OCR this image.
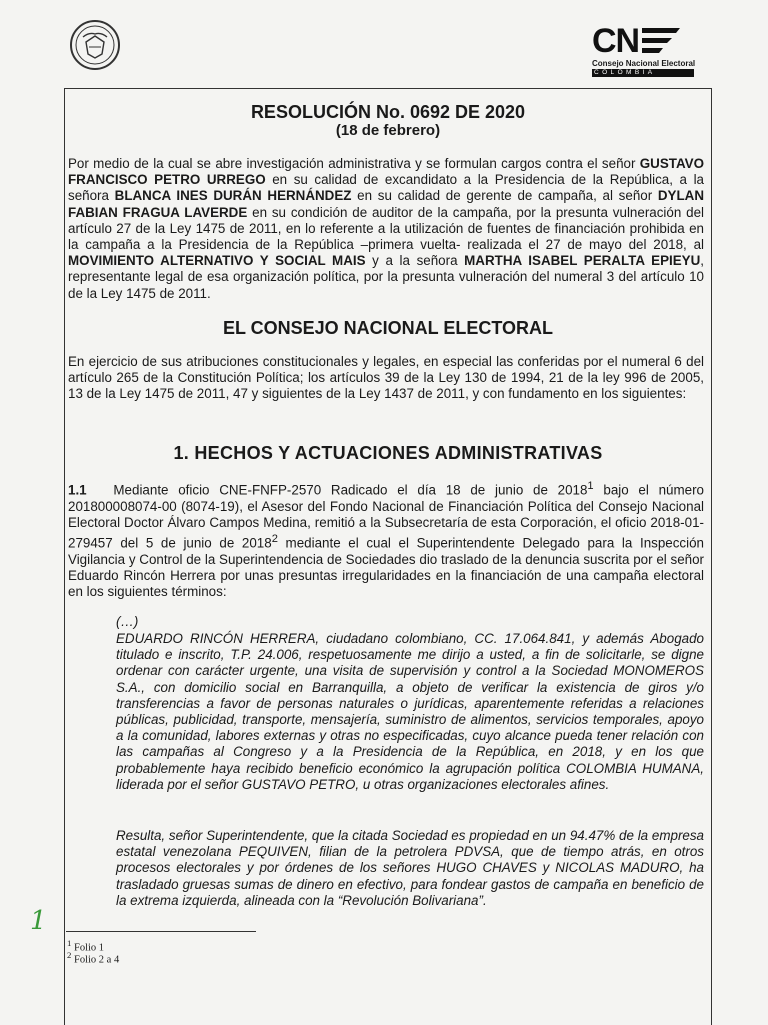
CN
Consejo Nacional Electoral
COLOMBIA
RESOLUCIÓN No. 0692 DE 2020
(18 de febrero)

Por medio de la cual se abre investigación administrativa y se formulan cargos contra el señor GUSTAVO FRANCISCO PETRO URREGO en su calidad de excandidato a la Presidencia de la República, a la señora BLANCA INES DURÁN HERNÁNDEZ en su calidad de gerente de campaña, al señor DYLAN FABIAN FRAGUA LAVERDE en su condición de auditor de la campaña, por la presunta vulneración del artículo 27 de la Ley 1475 de 2011, en lo referente a la utilización de fuentes de financiación prohibida en la campaña a la Presidencia de la República –primera vuelta- realizada el 27 de mayo del 2018, al MOVIMIENTO ALTERNATIVO Y SOCIAL MAIS y a la señora MARTHA ISABEL PERALTA EPIEYU, representante legal de esa organización política, por la presunta vulneración del numeral 3 del artículo 10 de la Ley 1475 de 2011.

EL CONSEJO NACIONAL ELECTORAL

En ejercicio de sus atribuciones constitucionales y legales, en especial las conferidas por el numeral 6 del artículo 265 de la Constitución Política; los artículos 39 de la Ley 130 de 1994, 21 de la ley 996 de 2005, 13 de la Ley 1475 de 2011, 47 y siguientes de la Ley 1437 de 2011, y con fundamento en los siguientes:

1. HECHOS Y ACTUACIONES ADMINISTRATIVAS

1.1  Mediante oficio CNE-FNFP-2570 Radicado el día 18 de junio de 2018$^1$ bajo el número 201800008074-00 (8074-19), el Asesor del Fondo Nacional de Financiación Política del Consejo Nacional Electoral Doctor Álvaro Campos Medina, remitió a la Subsecretaría de esta Corporación, el oficio 2018-01-279457 del 5 de junio de 2018$^2$ mediante el cual el Superintendente Delegado para la Inspección Vigilancia y Control de la Superintendencia de Sociedades dio traslado de la denuncia suscrita por el señor Eduardo Rincón Herrera por unas presuntas irregularidades en la financiación de una campaña electoral en los siguientes términos:

(…)

EDUARDO RINCÓN HERRERA, ciudadano colombiano, CC. 17.064.841, y además Abogado titulado e inscrito, T.P. 24.006, respetuosamente me dirijo a usted, a fin de solicitarle, se digne ordenar con carácter urgente, una visita de supervisión y control a la Sociedad MONOMEROS S.A., con domicilio social en Barranquilla, a objeto de verificar la existencia de giros y/o transferencias a favor de personas naturales o jurídicas, aparentemente referidas a relaciones públicas, publicidad, transporte, mensajería, suministro de alimentos, servicios temporales, apoyo a la comunidad, labores externas y otras no especificadas, cuyo alcance pueda tener relación con las campañas al Congreso y a la Presidencia de la República, en 2018, y en los que probablemente haya recibido beneficio económico la agrupación política COLOMBIA HUMANA, liderada por el señor GUSTAVO PETRO, u otras organizaciones electorales afines.

Resulta, señor Superintendente, que la citada Sociedad es propiedad en un 94.47% de la empresa estatal venezolana PEQUIVEN, filian de la petrolera PDVSA, que de tiempo atrás, en otros procesos electorales y por órdenes de los señores HUGO CHAVES y NICOLAS MADURO, ha trasladado gruesas sumas de dinero en efectivo, para fondear gastos de campaña en beneficio de la extrema izquierda, alineada con la “Revolución Bolivariana”.

1
$^1$ Folio 1
$^2$ Folio 2 a 4
